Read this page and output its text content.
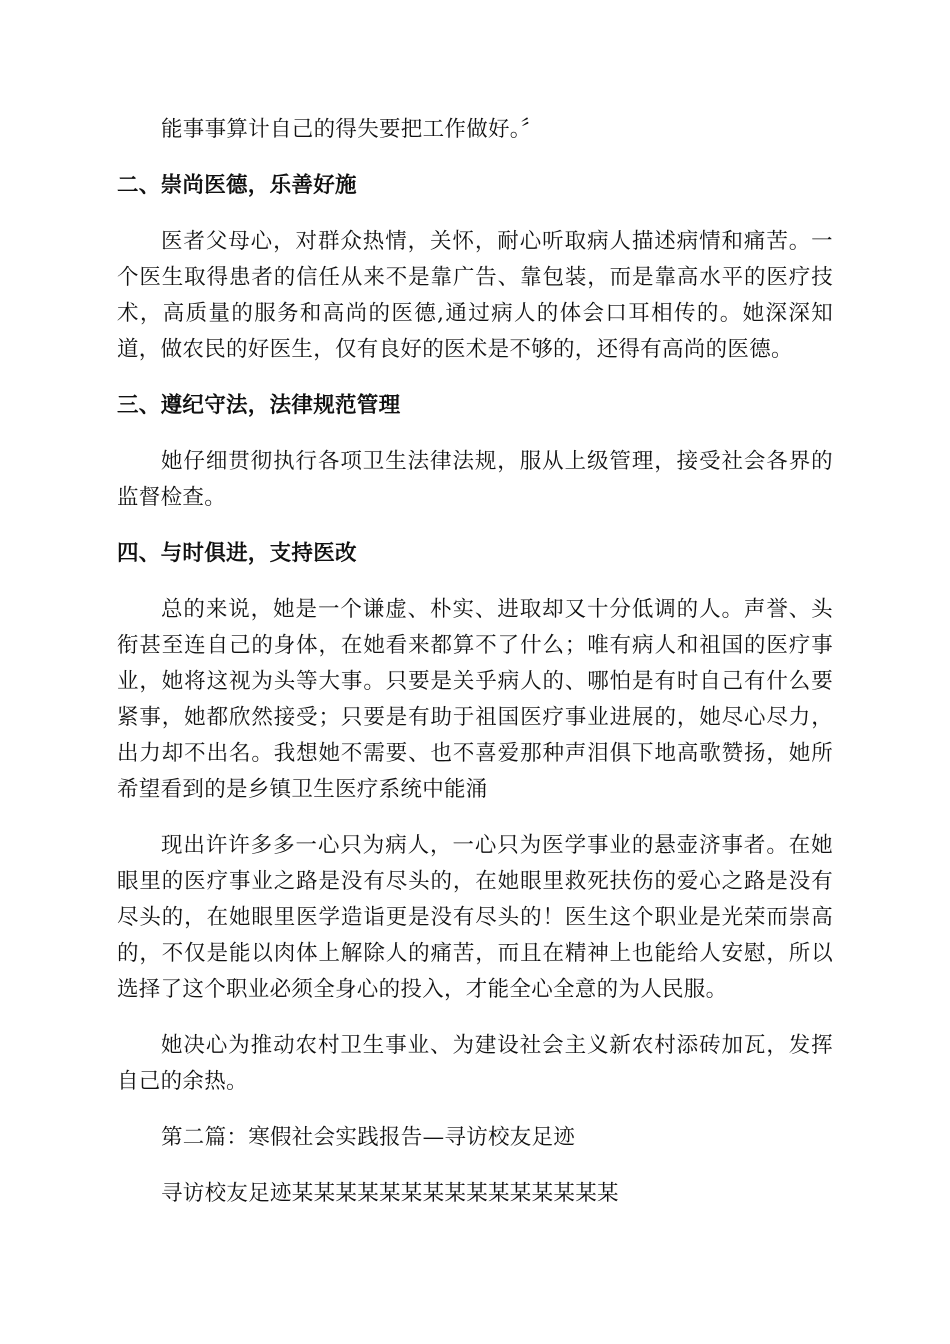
能事事算计自己的得失要把工作做好。〞

二、崇尚医德，乐善好施

医者父母心，对群众热情，关怀，耐心听取病人描述病情和痛苦。一个医生取得患者的信任从来不是靠广告、靠包装，而是靠高水平的医疗技术，高质量的服务和高尚的医德,通过病人的体会口耳相传的。她深深知道，做农民的好医生，仅有良好的医术是不够的，还得有高尚的医德。

三、遵纪守法，法律规范管理

她仔细贯彻执行各项卫生法律法规，服从上级管理，接受社会各界的监督检查。

四、与时俱进，支持医改

总的来说，她是一个谦虚、朴实、进取却又十分低调的人。声誉、头衔甚至连自己的身体，在她看来都算不了什么；唯有病人和祖国的医疗事业，她将这视为头等大事。只要是关乎病人的、哪怕是有时自己有什么要紧事，她都欣然接受；只要是有助于祖国医疗事业进展的，她尽心尽力，出力却不出名。我想她不需要、也不喜爱那种声泪俱下地高歌赞扬，她所希望看到的是乡镇卫生医疗系统中能涌

现出许许多多一心只为病人，一心只为医学事业的悬壶济事者。在她眼里的医疗事业之路是没有尽头的，在她眼里救死扶伤的爱心之路是没有尽头的，在她眼里医学造诣更是没有尽头的！医生这个职业是光荣而崇高的，不仅是能以肉体上解除人的痛苦，而且在精神上也能给人安慰，所以选择了这个职业必须全身心的投入，才能全心全意的为人民服。

她决心为推动农村卫生事业、为建设社会主义新农村添砖加瓦，发挥自己的余热。

第二篇：寒假社会实践报告—寻访校友足迹

寻访校友足迹某某某某某某某某某某某某某某某
